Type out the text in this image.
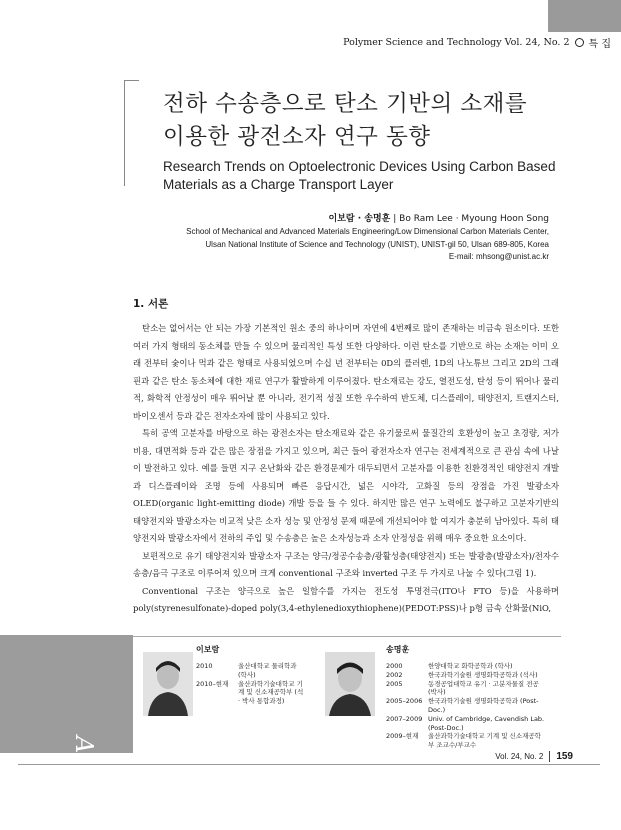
Polymer Science and Technology Vol. 24, No. 2 특 집
전하 수송층으로 탄소 기반의 소재를
이용한 광전소자 연구 동향
Research Trends on Optoelectronic Devices Using Carbon Based
Materials as a Charge Transport Layer
이보람 · 송명훈 | Bo Ram Lee · Myoung Hoon Song
School of Mechanical and Advanced Materials Engineering/Low Dimensional Carbon Materials Center,
Ulsan National Institute of Science and Technology (UNIST), UNIST-gil 50, Ulsan 689-805, Korea
E-mail: mhsong@unist.ac.kr
1. 서론

탄소는 없어서는 안 되는 가장 기본적인 원소 중의 하나이며 자연에 4번째로 많이 존재하는 비금속 원소이다. 또한 여러 가지 형태의 동소체를 만들 수 있으며 물리적인 특성 또한 다양하다. 이런 탄소를 기반으로 하는 소재는 이미 오래 전부터 숯이나 먹과 같은 형태로 사용되었으며 수십 년 전부터는 0D의 플러렌, 1D의 나노튜브 그리고 2D의 그래핀과 같은 탄소 동소체에 대한 재료 연구가 활발하게 이루어졌다. 탄소재료는 강도, 열전도성, 탄성 등이 뛰어나 물리적, 화학적 안정성이 매우 뛰어날 뿐 아니라, 전기적 성질 또한 우수하여 반도체, 디스플레이, 태양전지, 트랜지스터, 바이오센서 등과 같은 전자소자에 많이 사용되고 있다.

특히 공액 고분자를 바탕으로 하는 광전소자는 탄소재료와 같은 유기물로써 물질간의 호환성이 높고 초경량, 저가 비용, 대면적화 등과 같은 많은 장점을 가지고 있으며, 최근 들어 광전자소자 연구는 전세계적으로 큰 관심 속에 나날이 발전하고 있다. 예를 들면 지구 온난화와 같은 환경문제가 대두되면서 고분자를 이용한 친환경적인 태양전지 개발과 디스플레이와 조명 등에 사용되며 빠른 응답시간, 넓은 시야각, 고화질 등의 장점을 가진 발광소자 OLED(organic light-emitting diode) 개발 등을 들 수 있다. 하지만 많은 연구 노력에도 불구하고 고분자기반의 태양전지와 발광소자는 비교적 낮은 소자 성능 및 안정성 문제 때문에 개선되어야 할 여지가 충분히 남아있다. 특히 태양전지와 발광소자에서 전하의 주입 및 수송층은 높은 소자성능과 소자 안정성을 위해 매우 중요한 요소이다.

보편적으로 유기 태양전지와 발광소자 구조는 양극/정공수송층/광활성층(태양전지) 또는 발광층(발광소자)/전자수송층/음극 구조로 이루어져 있으며 크게 conventional 구조와 inverted 구조 두 가지로 나눌 수 있다(그림 1).

Conventional 구조는 양극으로 높은 일함수를 가지는 전도성 투명전극(ITO나 FTO 등)을 사용하며 poly(styrenesulfonate)-doped poly(3,4-ethylenedioxythiophene)(PEDOT:PSS)나 p형 금속 산화물(NiO,

Author
이보람
2010	울산대학교 물리학과 (학사)
2010–현재	울산과학기술대학교 기계 및 신소재공학부 (석 · 박사 통합과정)
송명훈
2000	한양대학교 화학공학과 (학사)
2002	한국과학기술원 생명화학공학과 (석사)
2005	동경공업대학교 유기 · 고분자물질 전공 (박사)
2005–2006 한국과학기술원 생명화학공학과 (Post-Doc.)
2007–2009 Univ. of Cambridge, Cavendish Lab. (Post-Doc.)
2009–현재	울산과학기술대학교 기계 및 신소재공학부 조교수/부교수
Vol. 24, No. 2 159
